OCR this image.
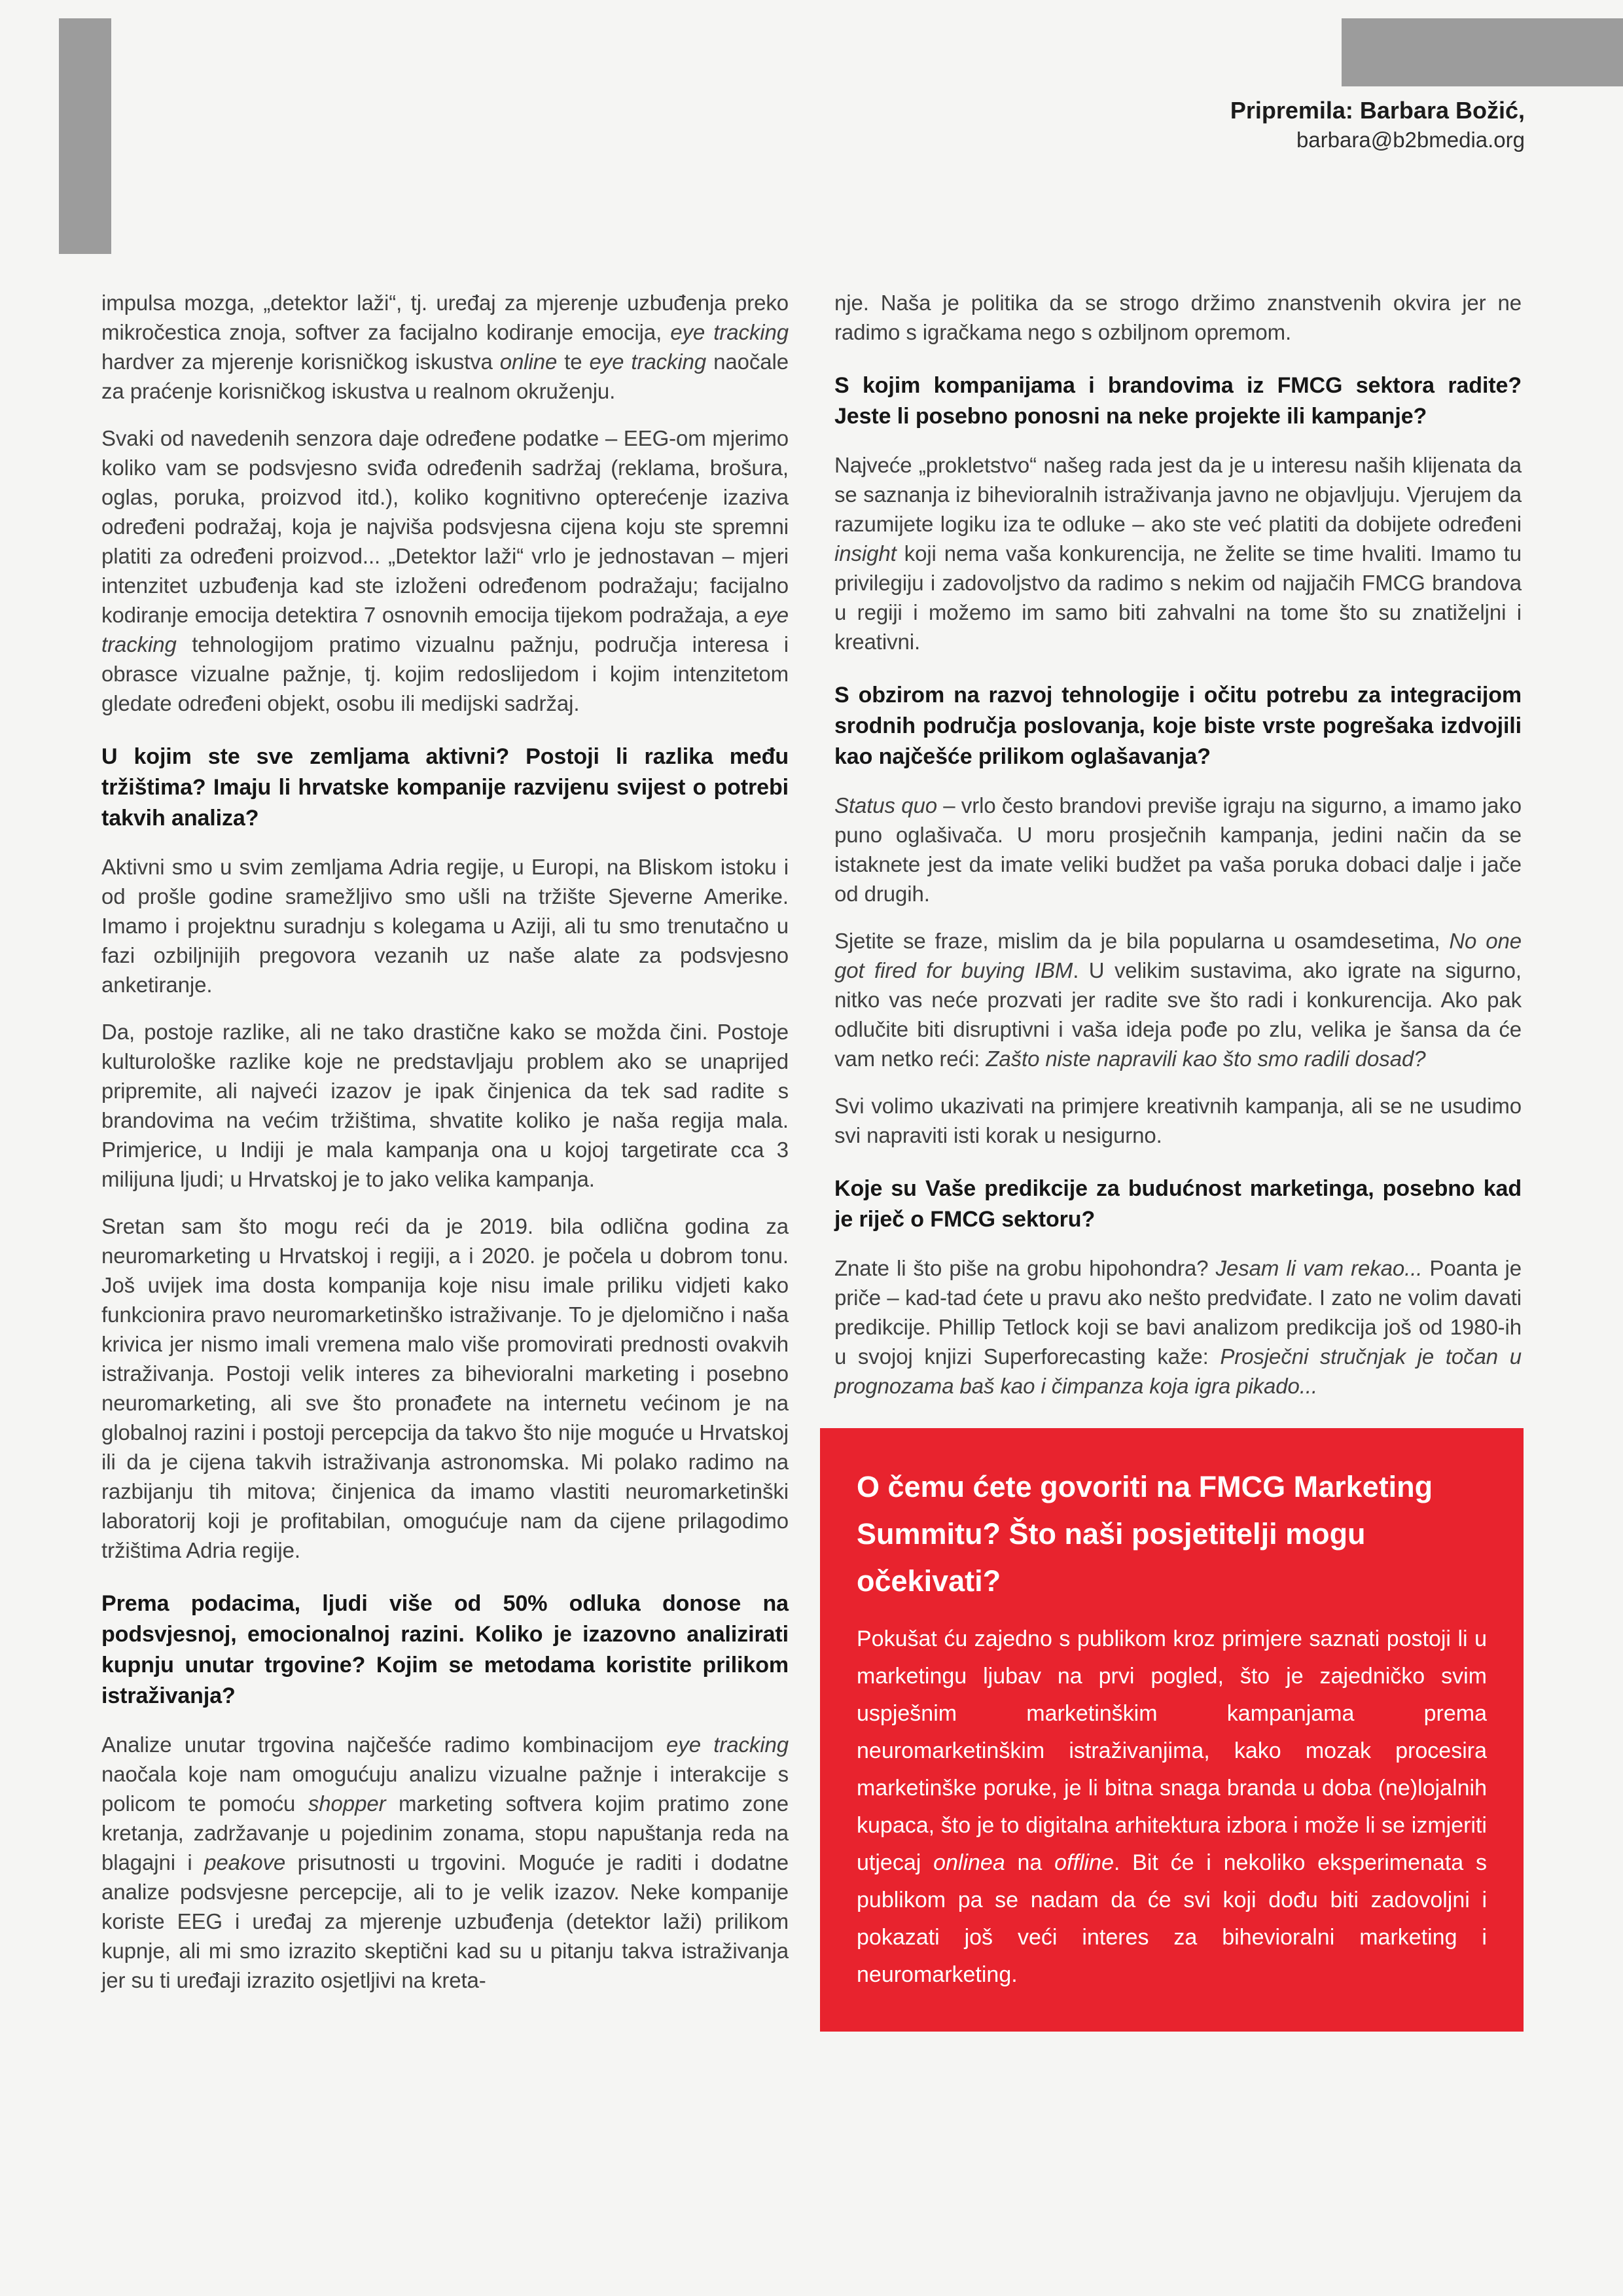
Pripremila: Barbara Božić,
barbara@b2bmedia.org

impulsa mozga, „detektor laži“, tj. uređaj za mjerenje uzbuđenja preko mikročestica znoja, softver za facijalno kodiranje emocija, eye tracking hardver za mjerenje korisničkog iskustva online te eye tracking naočale za praćenje korisničkog iskustva u realnom okruženju.

Svaki od navedenih senzora daje određene podatke – EEG-om mjerimo koliko vam se podsvjesno sviđa određenih sadržaj (reklama, brošura, oglas, poruka, proizvod itd.), koliko kognitivno opterećenje izaziva određeni podražaj, koja je najviša podsvjesna cijena koju ste spremni platiti za određeni proizvod... „Detektor laži“ vrlo je jednostavan – mjeri intenzitet uzbuđenja kad ste izloženi određenom podražaju; facijalno kodiranje emocija detektira 7 osnovnih emocija tijekom podražaja, a eye tracking tehnologijom pratimo vizualnu pažnju, područja interesa i obrasce vizualne pažnje, tj. kojim redoslijedom i kojim intenzitetom gledate određeni objekt, osobu ili medijski sadržaj.

U kojim ste sve zemljama aktivni? Postoji li razlika među tržištima? Imaju li hrvatske kompanije razvijenu svijest o potrebi takvih analiza?

Aktivni smo u svim zemljama Adria regije, u Europi, na Bliskom istoku i od prošle godine sramežljivo smo ušli na tržište Sjeverne Amerike. Imamo i projektnu suradnju s kolegama u Aziji, ali tu smo trenutačno u fazi ozbiljnijih pregovora vezanih uz naše alate za podsvjesno anketiranje.

Da, postoje razlike, ali ne tako drastične kako se možda čini. Postoje kulturološke razlike koje ne predstavljaju problem ako se unaprijed pripremite, ali najveći izazov je ipak činjenica da tek sad radite s brandovima na većim tržištima, shvatite koliko je naša regija mala. Primjerice, u Indiji je mala kampanja ona u kojoj targetirate cca 3 milijuna ljudi; u Hrvatskoj je to jako velika kampanja.

Sretan sam što mogu reći da je 2019. bila odlična godina za neuromarketing u Hrvatskoj i regiji, a i 2020. je počela u dobrom tonu. Još uvijek ima dosta kompanija koje nisu imale priliku vidjeti kako funkcionira pravo neuromarketinško istraživanje. To je djelomično i naša krivica jer nismo imali vremena malo više promovirati prednosti ovakvih istraživanja. Postoji velik interes za bihevioralni marketing i posebno neuromarketing, ali sve što pronađete na internetu većinom je na globalnoj razini i postoji percepcija da takvo što nije moguće u Hrvatskoj ili da je cijena takvih istraživanja astronomska. Mi polako radimo na razbijanju tih mitova; činjenica da imamo vlastiti neuromarketinški laboratorij koji je profitabilan, omogućuje nam da cijene prilagodimo tržištima Adria regije.

Prema podacima, ljudi više od 50% odluka donose na podsvjesnoj, emocionalnoj razini. Koliko je izazovno analizirati kupnju unutar trgovine? Kojim se metodama koristite prilikom istraživanja?

Analize unutar trgovina najčešće radimo kombinacijom eye tracking naočala koje nam omogućuju analizu vizualne pažnje i interakcije s policom te pomoću shopper marketing softvera kojim pratimo zone kretanja, zadržavanje u pojedinim zonama, stopu napuštanja reda na blagajni i peakove prisutnosti u trgovini. Moguće je raditi i dodatne analize podsvjesne percepcije, ali to je velik izazov. Neke kompanije koriste EEG i uređaj za mjerenje uzbuđenja (detektor laži) prilikom kupnje, ali mi smo izrazito skeptični kad su u pitanju takva istraživanja jer su ti uređaji izrazito osjetljivi na kreta-

nje. Naša je politika da se strogo držimo znanstvenih okvira jer ne radimo s igračkama nego s ozbiljnom opremom.

S kojim kompanijama i brandovima iz FMCG sektora radite? Jeste li posebno ponosni na neke projekte ili kampanje?

Najveće „prokletstvo“ našeg rada jest da je u interesu naših klijenata da se saznanja iz bihevioralnih istraživanja javno ne objavljuju. Vjerujem da razumijete logiku iza te odluke – ako ste već platiti da dobijete određeni insight koji nema vaša konkurencija, ne želite se time hvaliti. Imamo tu privilegiju i zadovoljstvo da radimo s nekim od najjačih FMCG brandova u regiji i možemo im samo biti zahvalni na tome što su znatiželjni i kreativni.

S obzirom na razvoj tehnologije i očitu potrebu za integracijom srodnih područja poslovanja, koje biste vrste pogrešaka izdvojili kao najčešće prilikom oglašavanja?

Status quo – vrlo često brandovi previše igraju na sigurno, a imamo jako puno oglašivača. U moru prosječnih kampanja, jedini način da se istaknete jest da imate veliki budžet pa vaša poruka dobaci dalje i jače od drugih.

Sjetite se fraze, mislim da je bila popularna u osamdesetima, No one got fired for buying IBM. U velikim sustavima, ako igrate na sigurno, nitko vas neće prozvati jer radite sve što radi i konkurencija. Ako pak odlučite biti disruptivni i vaša ideja pođe po zlu, velika je šansa da će vam netko reći: Zašto niste napravili kao što smo radili dosad?

Svi volimo ukazivati na primjere kreativnih kampanja, ali se ne usudimo svi napraviti isti korak u nesigurno.

Koje su Vaše predikcije za budućnost marketinga, posebno kad je riječ o FMCG sektoru?

Znate li što piše na grobu hipohondra? Jesam li vam rekao... Poanta je priče – kad-tad ćete u pravu ako nešto predviđate. I zato ne volim davati predikcije. Phillip Tetlock koji se bavi analizom predikcija još od 1980-ih u svojoj knjizi Superforecasting kaže: Prosječni stručnjak je točan u prognozama baš kao i čimpanza koja igra pikado...

O čemu ćete govoriti na FMCG Marketing Summitu? Što naši posjetitelji mogu očekivati?

Pokušat ću zajedno s publikom kroz primjere saznati postoji li u marketingu ljubav na prvi pogled, što je zajedničko svim uspješnim marketinškim kampanjama prema neuromarketinškim istraživanjima, kako mozak procesira marketinške poruke, je li bitna snaga branda u doba (ne)lojalnih kupaca, što je to digitalna arhitektura izbora i može li se izmjeriti utjecaj onlinea na offline. Bit će i nekoliko eksperimenata s publikom pa se nadam da će svi koji dođu biti zadovoljni i pokazati još veći interes za bihevioralni marketing i neuromarketing.
